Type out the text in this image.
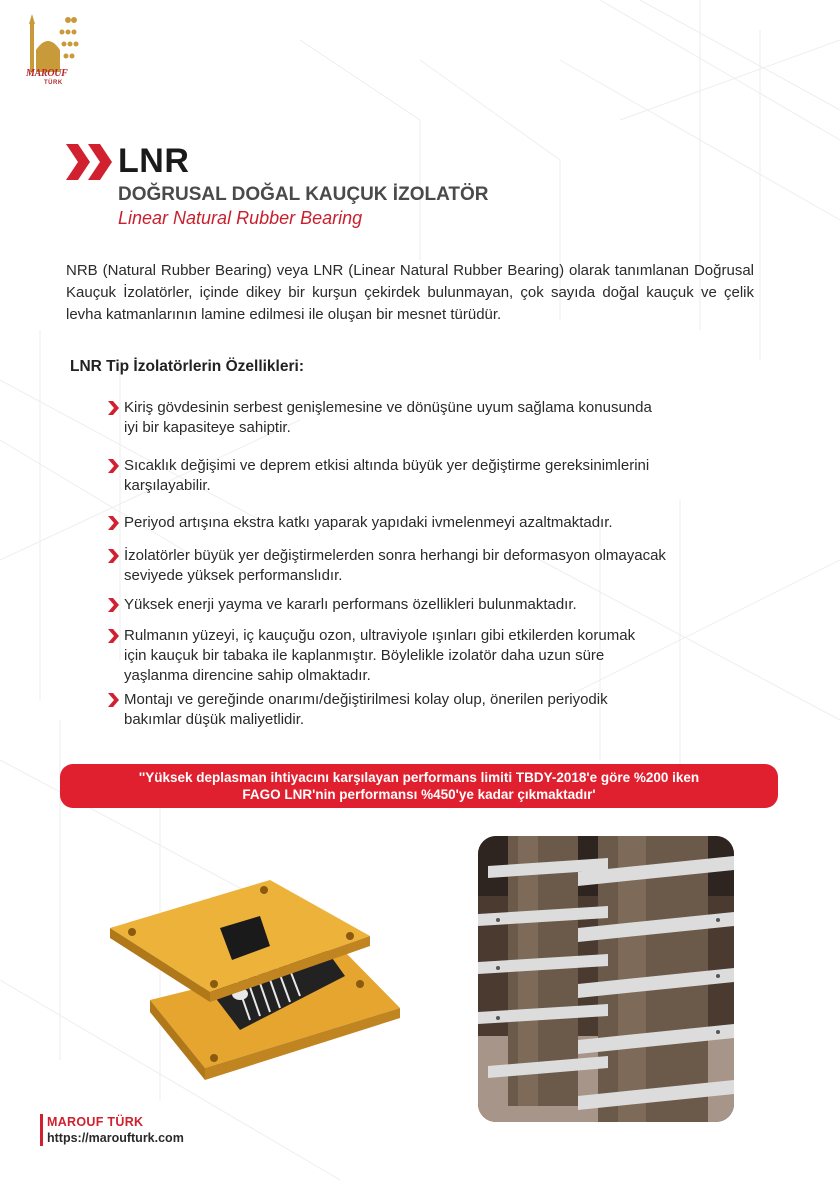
MAROUF
TÜRK
LNR
DOĞRUSAL DOĞAL KAUÇUK İZOLATÖR
Linear Natural Rubber Bearing
NRB (Natural Rubber Bearing) veya LNR (Linear Natural Rubber Bearing) olarak tanımlanan Doğrusal Kauçuk İzolatörler, içinde dikey bir kurşun çekirdek bulunmayan, çok sayıda doğal kauçuk ve çelik levha katmanlarının lamine edilmesi ile oluşan bir mesnet türüdür.
LNR Tip İzolatörlerin Özellikleri:
Kiriş gövdesinin serbest genişlemesine ve dönüşüne uyum sağlama konusunda
iyi bir kapasiteye sahiptir.
Sıcaklık değişimi ve deprem etkisi altında büyük yer değiştirme gereksinimlerini
karşılayabilir.
Periyod artışına ekstra katkı yaparak yapıdaki ivmelenmeyi azaltmaktadır.
İzolatörler büyük yer değiştirmelerden sonra herhangi bir deformasyon olmayacak
seviyede yüksek performanslıdır.
Yüksek enerji yayma ve kararlı performans özellikleri bulunmaktadır.
Rulmanın yüzeyi, iç kauçuğu ozon, ultraviyole ışınları gibi etkilerden korumak
için kauçuk bir tabaka ile kaplanmıştır. Böylelikle izolatör daha uzun süre
yaşlanma direncine sahip olmaktadır.
Montajı ve gereğinde onarımı/değiştirilmesi kolay olup, önerilen periyodik
bakımlar düşük maliyetlidir.
''Yüksek deplasman ihtiyacını karşılayan performans limiti TBDY-2018'e göre %200 iken
FAGO LNR'nin performansı %450'ye kadar çıkmaktadır'
MAROUF TÜRK
https://maroufturk.com
